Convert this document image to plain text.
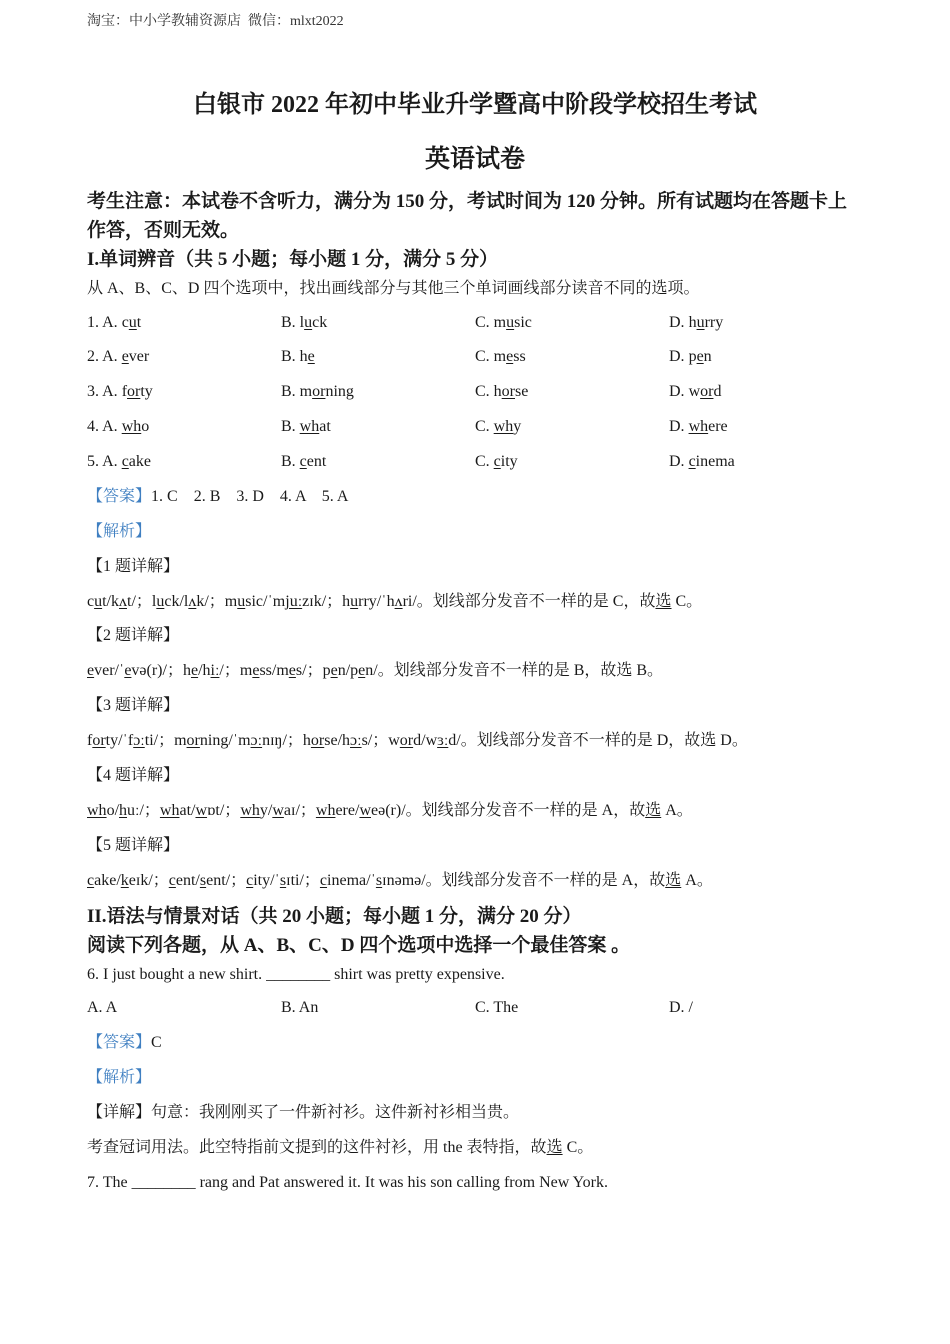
淘宝：中小学教辅资源店  微信：mlxt2022
白银市 2022 年初中毕业升学暨高中阶段学校招生考试
英语试卷
考生注意：本试卷不含听力，满分为 150 分，考试时间为 120 分钟。所有试题均在答题卡上作答，否则无效。
I.单词辨音（共 5 小题；每小题 1 分，满分 5 分）
从 A、B、C、D 四个选项中，找出画线部分与其他三个单词画线部分读音不同的选项。
1. A. cut	B. luck	C. music	D. hurry
2. A. ever	B. he	C. mess	D. pen
3. A. forty	B. morning	C. horse	D. word
4. A. who	B. what	C. why	D. where
5. A. cake	B. cent	C. city	D. cinema
【答案】1. C    2. B    3. D    4. A    5. A
【解析】
【1 题详解】
cut/kʌt/；luck/lʌk/；music/ˈmjuːzɪk/；hurry/ˈhʌri/。划线部分发音不一样的是 C，故选 C。
【2 题详解】
ever/ˈevə(r)/；he/hiː/；mess/mes/；pen/pen/。划线部分发音不一样的是 B，故选 B。
【3 题详解】
forty/ˈfɔːti/；morning/ˈmɔːnɪŋ/；horse/hɔːs/；word/wɜːd/。划线部分发音不一样的是 D，故选 D。
【4 题详解】
who/huː/；what/wɒt/；why/waɪ/；where/weə(r)/。划线部分发音不一样的是 A，故选 A。
【5 题详解】
cake/keɪk/；cent/sent/；city/ˈsɪti/；cinema/ˈsɪnəmə/。划线部分发音不一样的是 A，故选 A。
II.语法与情景对话（共 20 小题；每小题 1 分，满分 20 分）
阅读下列各题，从 A、B、C、D 四个选项中选择一个最佳答案 。
6. I just bought a new shirt. ________ shirt was pretty expensive.
A. A	B. An	C. The	D. /
【答案】C
【解析】
【详解】句意：我刚刚买了一件新衬衫。这件新衬衫相当贵。
考查冠词用法。此空特指前文提到的这件衬衫，用 the 表特指，故选 C。
7. The ________ rang and Pat answered it. It was his son calling from New York.
